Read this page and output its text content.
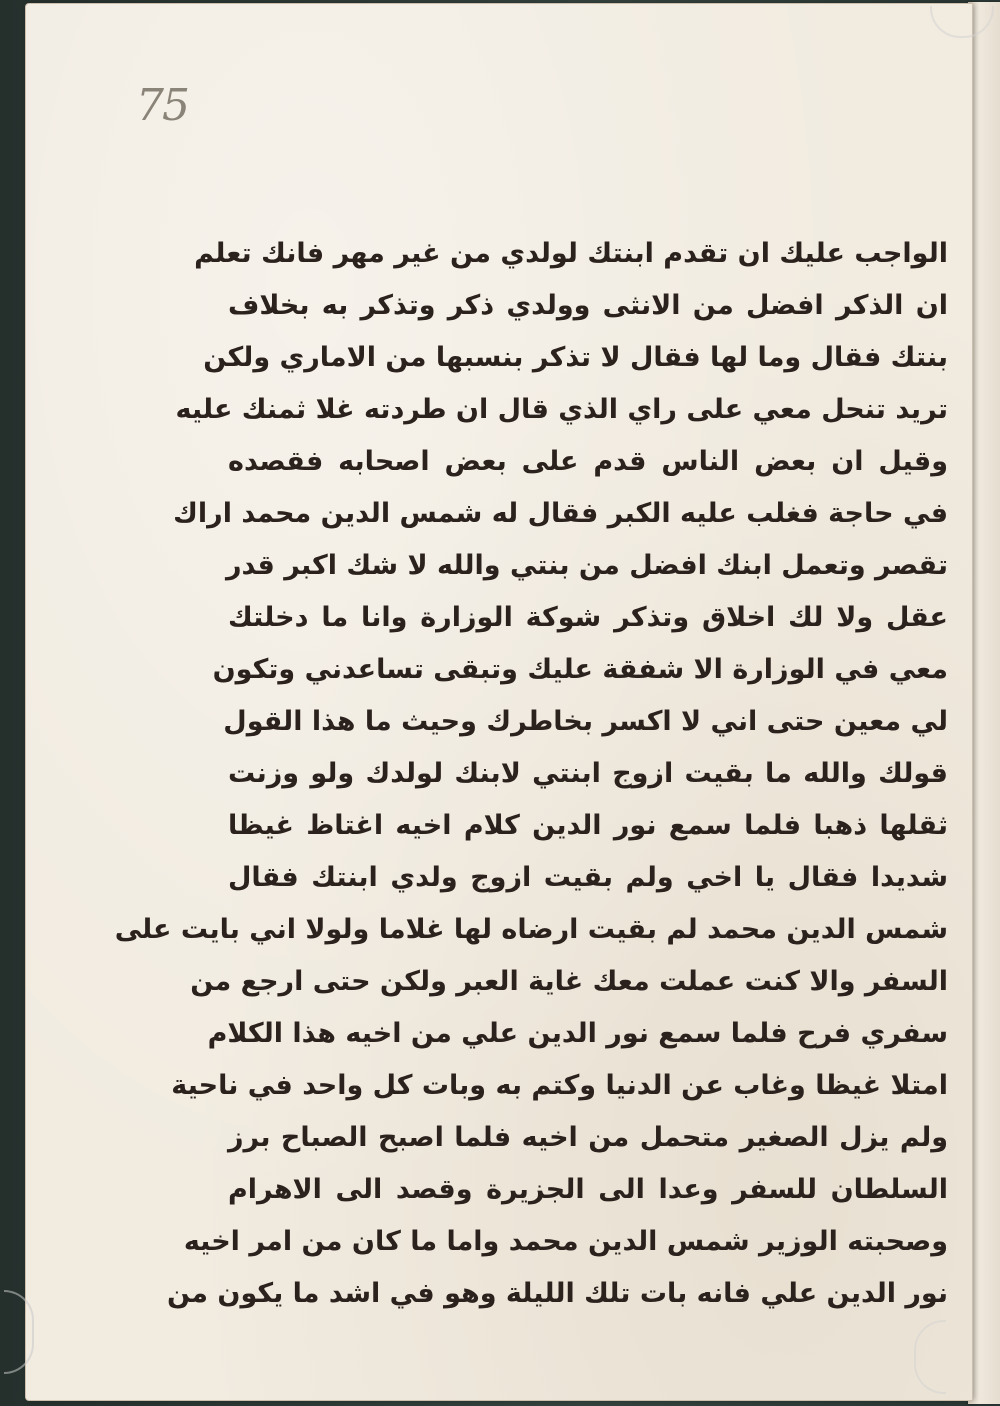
75
الواجب عليك ان تقدم ابنتك لولدي من غير مهر فانك تعلم
ان الذكر افضل من الانثى وولدي ذكر وتذكر به بخلاف
بنتك فقال وما لها فقال لا تذكر بنسبها من الاماري ولكن
تريد تنحل معي على راي الذي قال ان طردته غلا ثمنك عليه
وقيل ان بعض الناس قدم على بعض اصحابه فقصده
في حاجة فغلب عليه الكبر فقال له شمس الدين محمد اراك
تقصر وتعمل ابنك افضل من بنتي والله لا شك اكبر قدر
عقل ولا لك اخلاق وتذكر شوكة الوزارة وانا ما دخلتك
معي في الوزارة الا شفقة عليك وتبقى تساعدني وتكون
لي معين حتى اني لا اكسر بخاطرك وحيث ما هذا القول
قولك والله ما بقيت ازوج ابنتي لابنك لولدك ولو وزنت
ثقلها ذهبا فلما سمع نور الدين كلام اخيه اغتاظ غيظا
شديدا فقال يا اخي ولم بقيت ازوج ولدي ابنتك فقال
شمس الدين محمد لم بقيت ارضاه لها غلاما ولولا اني بايت على
السفر والا كنت عملت معك غاية العبر ولكن حتى ارجع من
سفري فرح فلما سمع نور الدين علي من اخيه هذا الكلام
امتلا غيظا وغاب عن الدنيا وكتم به وبات كل واحد في ناحية
ولم يزل الصغير متحمل من اخيه فلما اصبح الصباح برز
السلطان للسفر وعدا الى الجزيرة وقصد الى الاهرام
وصحبته الوزير شمس الدين محمد واما ما كان من امر اخيه
نور الدين علي فانه بات تلك الليلة وهو في اشد ما يكون من
